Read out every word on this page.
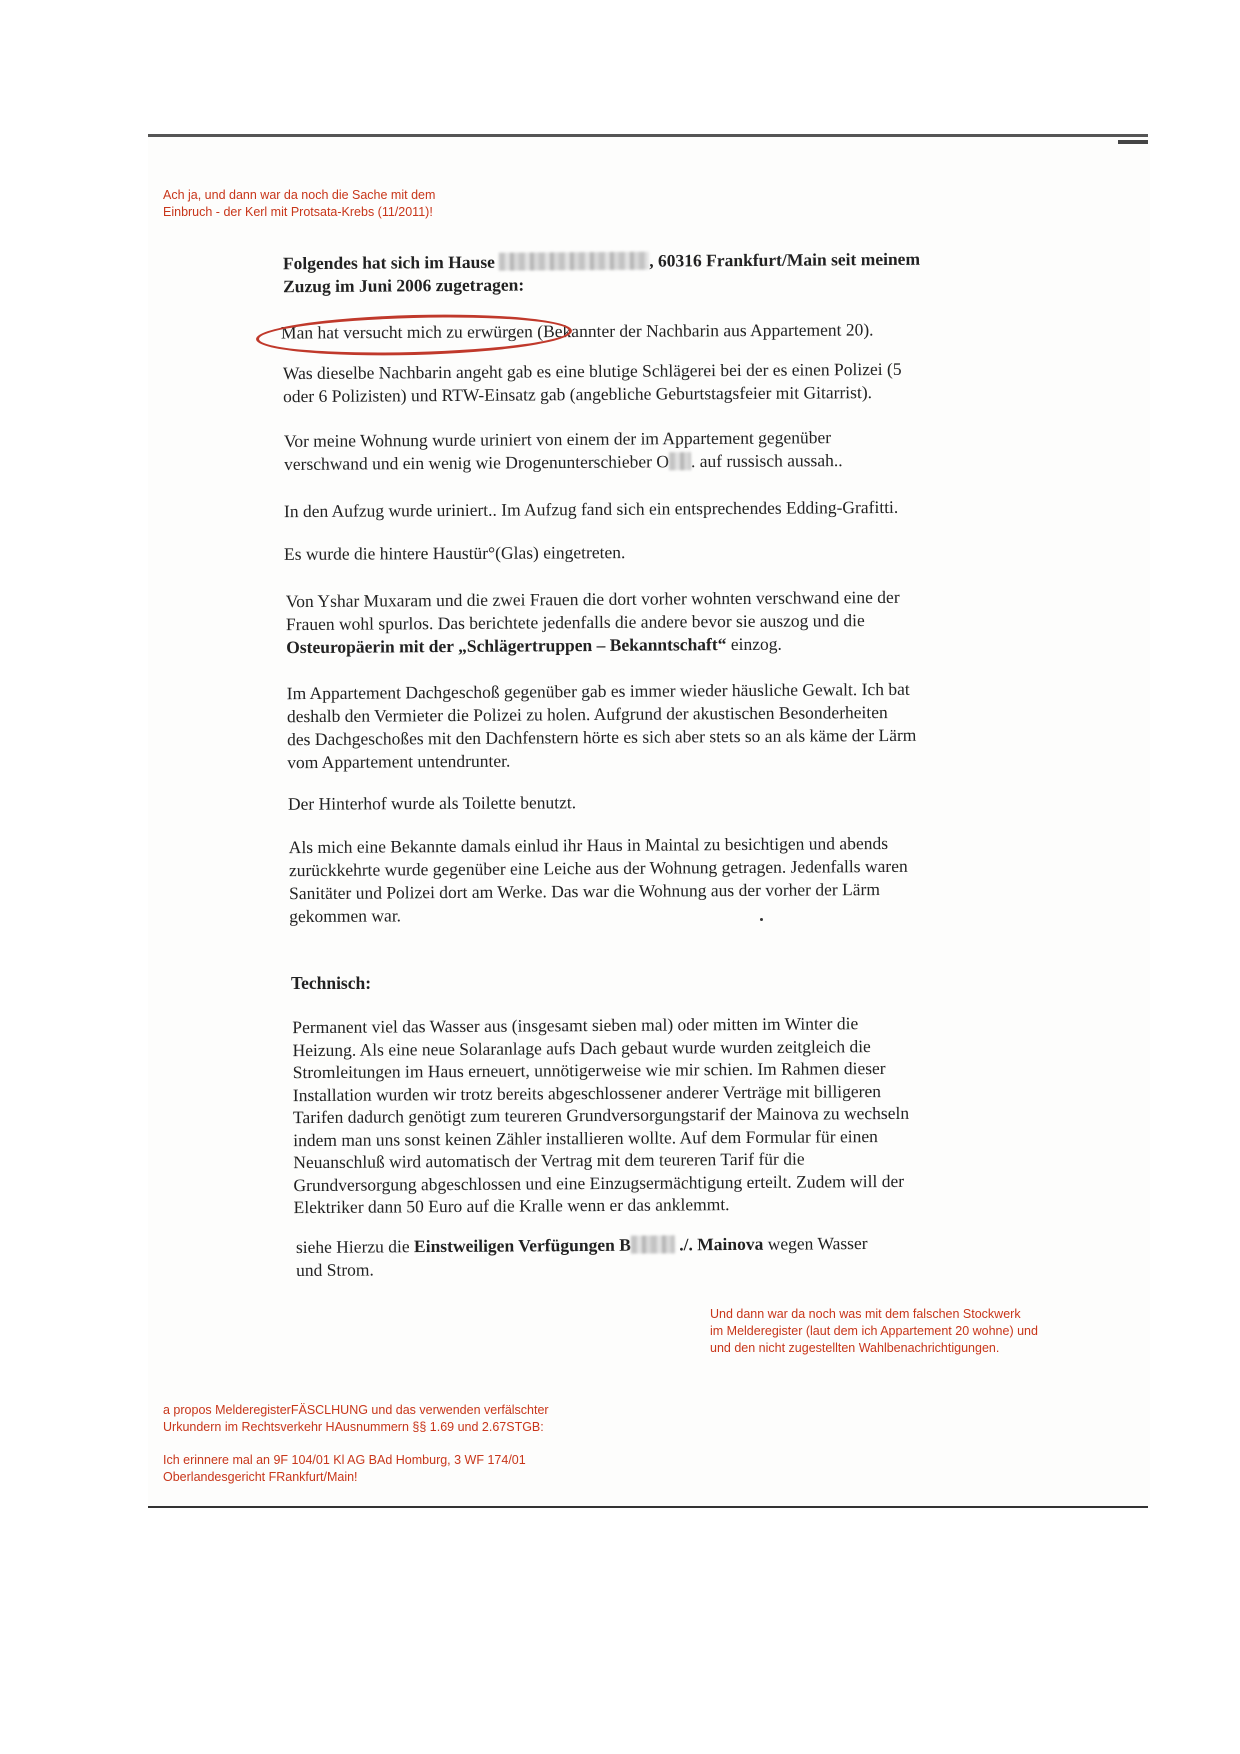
Ach ja, und dann war da noch die Sache mit dem
Einbruch - der Kerl mit Protsata-Krebs (11/2011)!
Folgendes hat sich im Hause	, 60316 Frankfurt/Main seit meinem
Zuzug im Juni 2006 zugetragen:
Man hat versucht mich zu erwürgen (Bekannter der Nachbarin aus Appartement 20).
Was dieselbe Nachbarin angeht gab es eine blutige Schlägerei bei der es einen Polizei (5
oder 6 Polizisten) und RTW-Einsatz gab (angebliche Geburtstagsfeier mit Gitarrist).
Vor meine Wohnung wurde uriniert von einem der im Appartement gegenüber
verschwand und ein wenig wie Drogenunterschieber O . auf russisch aussah..
In den Aufzug wurde uriniert.. Im Aufzug fand sich ein entsprechendes Edding-Grafitti.
Es wurde die hintere Haustür°(Glas) eingetreten.
Von Yshar Muxaram und die zwei Frauen die dort vorher wohnten verschwand eine der
Frauen wohl spurlos. Das berichtete jedenfalls die andere bevor sie auszog und die
Osteuropäerin mit der „Schlägertruppen – Bekanntschaft“ einzog.
Im Appartement Dachgeschoß gegenüber gab es immer wieder häusliche Gewalt. Ich bat
deshalb den Vermieter die Polizei zu holen. Aufgrund der akustischen Besonderheiten
des Dachgeschoßes mit den Dachfenstern hörte es sich aber stets so an als käme der Lärm
vom Appartement untendrunter.
Der Hinterhof wurde als Toilette benutzt.
Als mich eine Bekannte damals einlud ihr Haus in Maintal zu besichtigen und abends
zurückkehrte wurde gegenüber eine Leiche aus der Wohnung getragen. Jedenfalls waren
Sanitäter und Polizei dort am Werke. Das war die Wohnung aus der vorher der Lärm
gekommen war.
Technisch:
Permanent viel das Wasser aus (insgesamt sieben mal) oder mitten im Winter die
Heizung. Als eine neue Solaranlage aufs Dach gebaut wurde wurden zeitgleich die
Stromleitungen im Haus erneuert, unnötigerweise wie mir schien. Im Rahmen dieser
Installation wurden wir trotz bereits abgeschlossener anderer Verträge mit billigeren
Tarifen dadurch genötigt zum teureren Grundversorgungstarif der Mainova zu wechseln
indem man uns sonst keinen Zähler installieren wollte. Auf dem Formular für einen
Neuanschluß wird automatisch der Vertrag mit dem teureren Tarif für die
Grundversorgung abgeschlossen und eine Einzugsermächtigung erteilt. Zudem will der
Elektriker dann 50 Euro auf die Kralle wenn er das anklemmt.
siehe Hierzu die Einstweiligen Verfügungen B	./. Mainova wegen Wasser
und Strom.
Und dann war da noch was mit dem falschen Stockwerk
im Melderegister (laut dem ich Appartement 20 wohne) und
und den nicht zugestellten Wahlbenachrichtigungen.
a propos MelderegisterFÄSCLHUNG und das verwenden verfälschter
Urkundern im Rechtsverkehr HAusnummern §§ 1.69 und 2.67STGB:
Ich erinnere mal an 9F 104/01 Kl AG BAd Homburg, 3 WF 174/01
Oberlandesgericht FRankfurt/Main!
